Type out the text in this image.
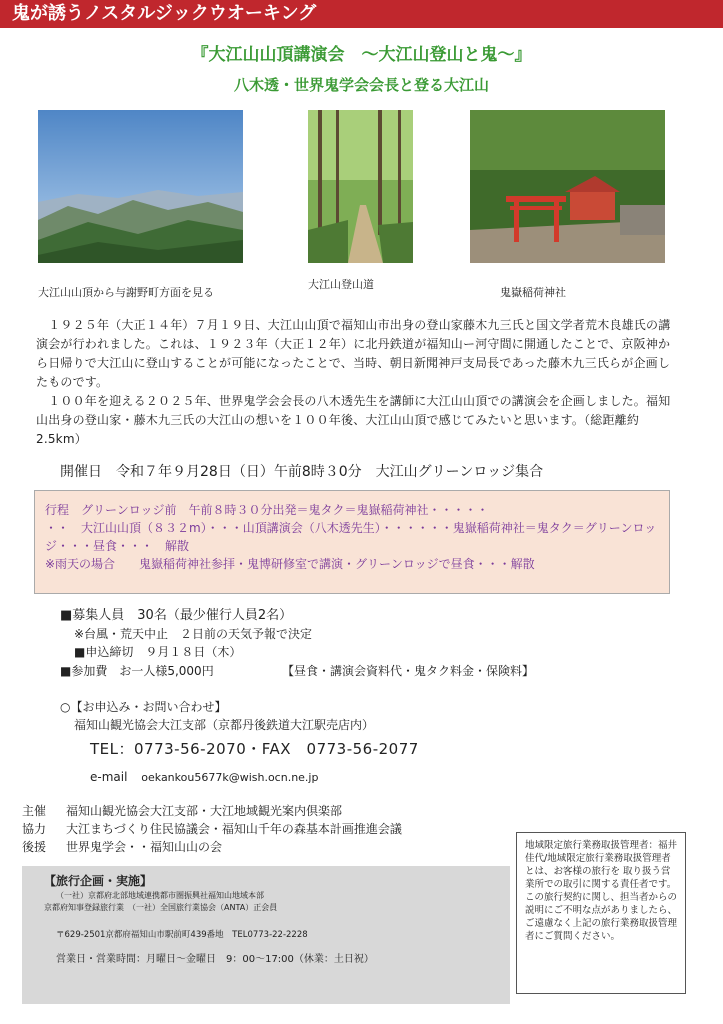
鬼が誘うノスタルジックウオーキング
『大江山山頂講演会　～大江山登山と鬼～』
八木透・世界鬼学会会長と登る大江山
大江山山頂から与謝野町方面を見る
大江山登山道
鬼嶽稲荷神社

　１９２５年（大正１４年）７月１９日、大江山山頂で福知山市出身の登山家藤木九三氏と国文学者荒木良雄氏の講演会が行われました。これは、１９２３年（大正１２年）に北丹鉄道が福知山ー河守間に開通したことで、京阪神から日帰りで大江山に登山することが可能になったことで、当時、朝日新聞神戸支局長であった藤木九三氏らが企画したものです。

　１００年を迎える２０２５年、世界鬼学会会長の八木透先生を講師に大江山山頂での講演会を企画しました。福知山出身の登山家・藤木九三氏の大江山の想いを１００年後、大江山山頂で感じてみたいと思います。（総距離約2.5km）

開催日　令和７年９月28日（日）午前8時３0分　大江山グリーンロッジ集合

行程　グリーンロッジ前　午前８時３０分出発＝鬼タク＝鬼嶽稲荷神社・・・・・

・・　大江山山頂（８３２m）・・・山頂講演会（八木透先生）・・・・・・鬼嶽稲荷神社＝鬼タク＝グリーンロッジ・・・昼食・・・　解散

※雨天の場合　　鬼嶽稲荷神社参拝・鬼博研修室で講演・グリーンロッジで昼食・・・解散

■募集人員　30名（最少催行人員2名）
※台風・荒天中止　２日前の天気予報で決定
■申込締切　９月１８日（木）
■参加費　お一人様5,000円	【昼食・講演会資料代・鬼タク料金・保険料】
○【お申込み・お問い合わせ】
福知山観光協会大江支部（京都丹後鉄道大江駅売店内）
TEL：0773-56-2070・FAX　0773-56-2077
e-mail oekankou5677k@wish.ocn.ne.jp
主催 福知山観光協会大江支部・大江地域観光案内倶楽部
協力 大江まちづくり住民協議会・福知山千年の森基本計画推進会議
後援 世界鬼学会・・福知山山の会
【旅行企画・実施】
（一社）京都府北部地域連携都市圏振興社福知山地域本部
京都府知事登録旅行業　（一社）全国旅行業協会（ANTA）正会員
〒629-2501京都府福知山市駅前町439番地　TEL0773-22-2228
営業日・営業時間：月曜日～金曜日　9：00～17:00（休業：土日祝）
地域限定旅行業務取扱管理者：福井佳代/地域限定旅行業務取扱管理者とは、お客様の旅行を 取り扱う営業所での取引に関する責任者です。　この旅行契約に関し、担当者からの説明にご不明な点がありましたら、ご遠慮なく上記の旅行業務取扱管理者にご質問ください。
